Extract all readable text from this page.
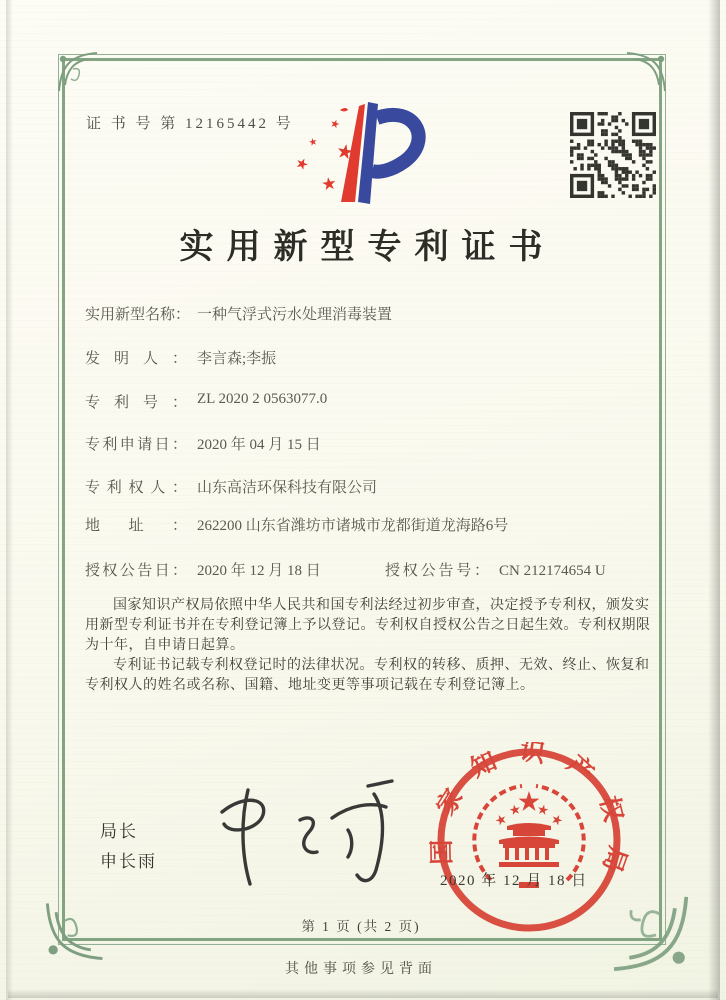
证 书 号 第 12165442 号
实用新型专利证书
实用新型名称： 一种气浮式污水处理消毒装置
发明人： 李言森;李振
专利号： ZL 2020 2 0563077.0
专利申请日： 2020 年 04 月 15 日
专利权人： 山东高洁环保科技有限公司
地址： 262200 山东省潍坊市诸城市龙都街道龙海路6号
授权公告日： 2020 年 12 月 18 日	授权公告号： CN 212174654 U

国家知识产权局依照中华人民共和国专利法经过初步审查，决定授予专利权，颁发实用新型专利证书并在专利登记簿上予以登记。专利权自授权公告之日起生效。专利权期限为十年，自申请日起算。

专利证书记载专利权登记时的法律状况。专利权的转移、质押、无效、终止、恢复和专利权人的姓名或名称、国籍、地址变更等事项记载在专利登记簿上。

局长
申长雨	国家知识产权局
2020 年 12 月 18 日
第 1 页 (共 2 页)
其他事项参见背面
